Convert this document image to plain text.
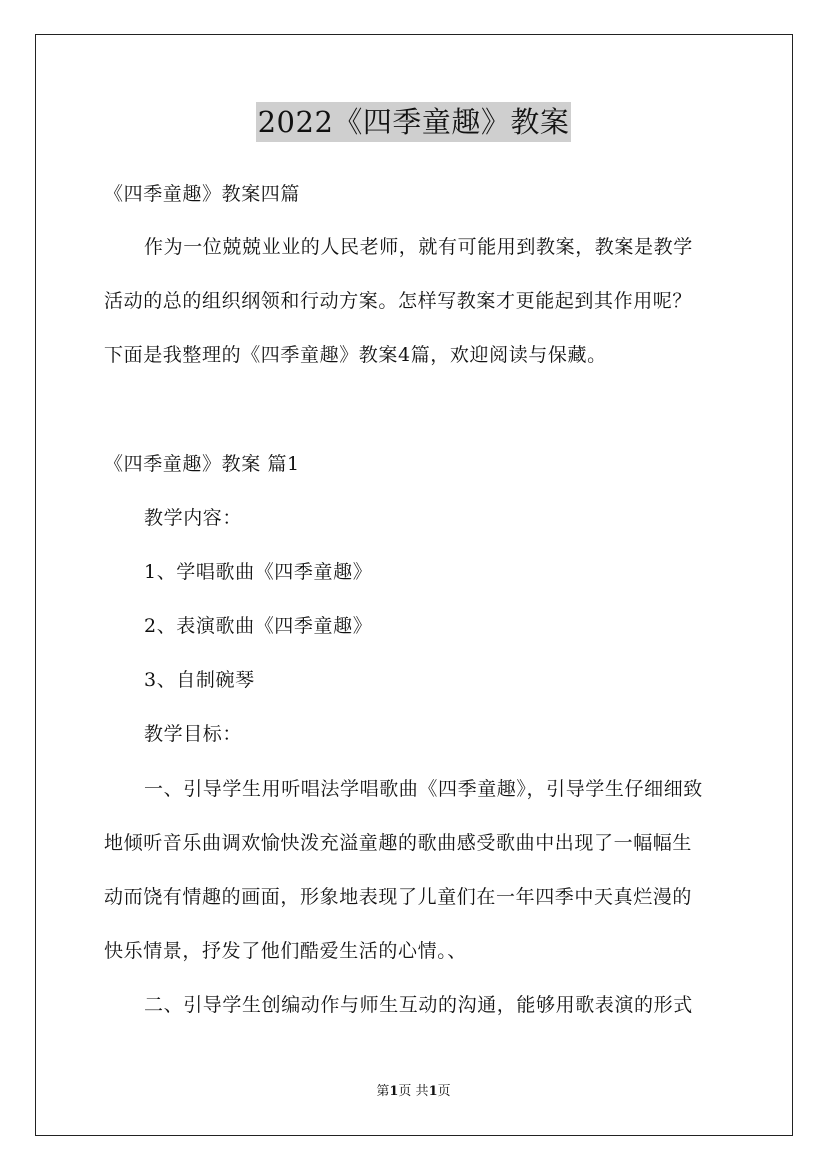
2022《四季童趣》教案
《四季童趣》教案四篇
作为一位兢兢业业的人民老师，就有可能用到教案，教案是教学
活动的总的组织纲领和行动方案。怎样写教案才更能起到其作用呢？
下面是我整理的《四季童趣》教案4篇，欢迎阅读与保藏。
《四季童趣》教案 篇1
教学内容：
1、学唱歌曲《四季童趣》
2、表演歌曲《四季童趣》
3、自制碗琴
教学目标：
一、引导学生用听唱法学唱歌曲《四季童趣》，引导学生仔细细致
地倾听音乐曲调欢愉快泼充溢童趣的歌曲感受歌曲中出现了一幅幅生
动而饶有情趣的画面，形象地表现了儿童们在一年四季中天真烂漫的
快乐情景，抒发了他们酷爱生活的心情。、
二、引导学生创编动作与师生互动的沟通，能够用歌表演的形式
第1页 共1页
